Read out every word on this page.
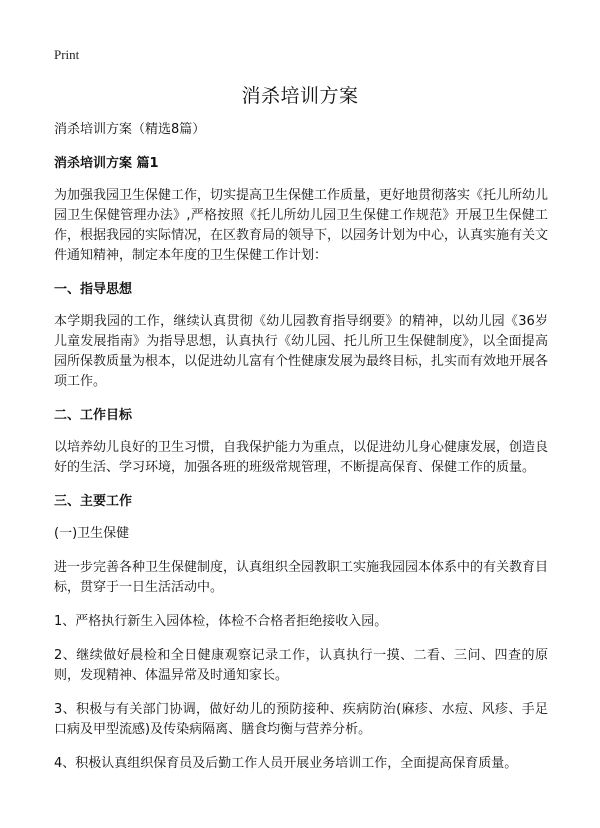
Print
消杀培训方案

消杀培训方案（精选8篇）

消杀培训方案 篇1

为加强我园卫生保健工作，切实提高卫生保健工作质量，更好地贯彻落实《托儿所幼儿园卫生保健管理办法》,严格按照《托儿所幼儿园卫生保健工作规范》开展卫生保健工作，根据我园的实际情况，在区教育局的领导下，以园务计划为中心，认真实施有关文件通知精神，制定本年度的卫生保健工作计划：

一、指导思想

本学期我园的工作，继续认真贯彻《幼儿园教育指导纲要》的精神，以幼儿园《36岁儿童发展指南》为指导思想，认真执行《幼儿园、托儿所卫生保健制度》，以全面提高园所保教质量为根本，以促进幼儿富有个性健康发展为最终目标，扎实而有效地开展各项工作。

二、工作目标

以培养幼儿良好的卫生习惯，自我保护能力为重点，以促进幼儿身心健康发展，创造良好的生活、学习环境，加强各班的班级常规管理，不断提高保育、保健工作的质量。

三、主要工作

(一)卫生保健

进一步完善各种卫生保健制度，认真组织全园教职工实施我园园本体系中的有关教育目标，贯穿于一日生活活动中。

1、严格执行新生入园体检，体检不合格者拒绝接收入园。

2、继续做好晨检和全日健康观察记录工作，认真执行一摸、二看、三问、四查的原则，发现精神、体温异常及时通知家长。

3、积极与有关部门协调，做好幼儿的预防接种、疾病防治(麻疹、水痘、风疹、手足口病及甲型流感)及传染病隔离、膳食均衡与营养分析。

4、积极认真组织保育员及后勤工作人员开展业务培训工作，全面提高保育质量。
